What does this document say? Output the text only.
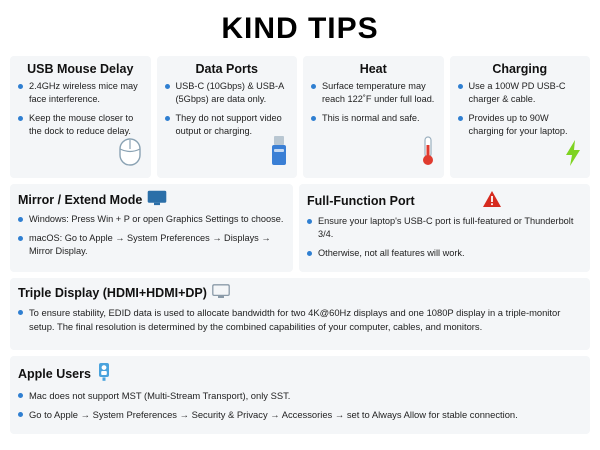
KIND TIPS
USB Mouse Delay
2.4GHz wireless mice may face interference.
Keep the mouse closer to the dock to reduce delay.
Data Ports
USB-C (10Gbps) & USB-A (5Gbps) are data only.
They do not support video output or charging.
Heat
Surface temperature may reach 122˚F under full load.
This is normal and safe.
Charging
Use a 100W PD USB-C charger & cable.
Provides up to 90W charging for your laptop.
Mirror / Extend Mode
Windows: Press Win + P or open Graphics Settings to choose.
macOS: Go to Apple → System Preferences → Displays → Mirror Display.
Full-Function Port
Ensure your laptop's USB-C port is full-featured or Thunderbolt 3/4.
Otherwise, not all features will work.
Triple Display (HDMI+HDMI+DP)
To ensure stability, EDID data is used to allocate bandwidth for two 4K@60Hz displays and one 1080P display in a triple-monitor setup. The final resolution is determined by the combined capabilities of your computer, cables, and monitors.
Apple Users
Mac does not support MST (Multi-Stream Transport), only SST.
Go to Apple → System Preferences → Security & Privacy → Accessories → set to Always Allow for stable connection.
